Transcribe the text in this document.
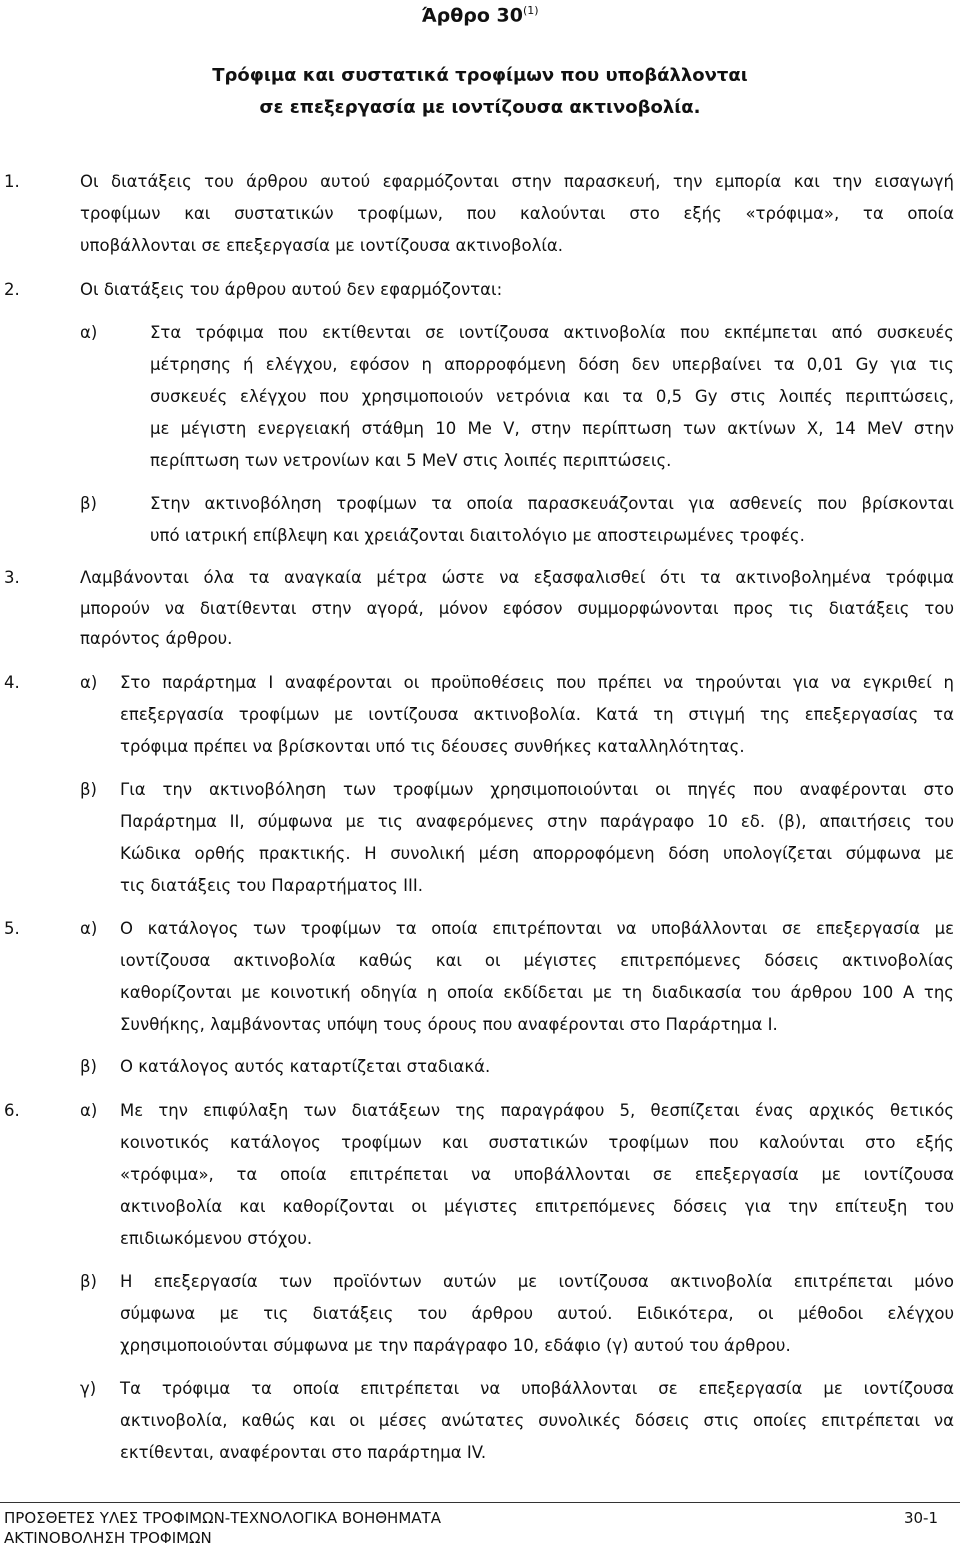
Άρθρο 30$^{(1)}$
Τρόφιμα και συστατικά τροφίμων που υποβάλλονται
σε επεξεργασία με ιοντίζουσα ακτινοβολία.
1.	Οι διατάξεις του άρθρου αυτού εφαρμόζονται στην παρασκευή, την εμπορία και την εισαγωγή
τροφίμων και συστατικών τροφίμων, που καλούνται στο εξής «τρόφιμα», τα οποία
υποβάλλονται σε επεξεργασία με ιοντίζουσα ακτινοβολία.
2.	Οι διατάξεις του άρθρου αυτού δεν εφαρμόζονται:
α)	Στα τρόφιμα που εκτίθενται σε ιοντίζουσα ακτινοβολία που εκπέμπεται από συσκευές
μέτρησης ή ελέγχου, εφόσον η απορροφόμενη δόση δεν υπερβαίνει τα 0,01 Gy για τις
συσκευές ελέγχου που χρησιμοποιούν νετρόνια και τα 0,5 Gy στις λοιπές περιπτώσεις,
με μέγιστη ενεργειακή στάθμη 10 Me V, στην περίπτωση των ακτίνων Χ, 14 MeV στην
περίπτωση των νετρονίων και 5 MeV στις λοιπές περιπτώσεις.
β)	Στην ακτινοβόληση τροφίμων τα οποία παρασκευάζονται για ασθενείς που βρίσκονται
υπό ιατρική επίβλεψη και χρειάζονται διαιτολόγιο με αποστειρωμένες τροφές.
3.	Λαμβάνονται όλα τα αναγκαία μέτρα ώστε να εξασφαλισθεί ότι τα ακτινοβολημένα τρόφιμα
μπορούν να διατίθενται στην αγορά, μόνον εφόσον συμμορφώνονται προς τις διατάξεις του
παρόντος άρθρου.
4.	α) Στο παράρτημα Ι αναφέρονται οι προϋποθέσεις που πρέπει να τηρούνται για να εγκριθεί η
επεξεργασία τροφίμων με ιοντίζουσα ακτινοβολία. Κατά τη στιγμή της επεξεργασίας τα
τρόφιμα πρέπει να βρίσκονται υπό τις δέουσες συνθήκες καταλληλότητας.
β) Για την ακτινοβόληση των τροφίμων χρησιμοποιούνται οι πηγές που αναφέρονται στο
Παράρτημα ΙΙ, σύμφωνα με τις αναφερόμενες στην παράγραφο 10 εδ. (β), απαιτήσεις του
Κώδικα ορθής πρακτικής. Η συνολική μέση απορροφόμενη δόση υπολογίζεται σύμφωνα με
τις διατάξεις του Παραρτήματος ΙΙΙ.
5.	α) Ο κατάλογος των τροφίμων τα οποία επιτρέπονται να υποβάλλονται σε επεξεργασία με
ιοντίζουσα ακτινοβολία καθώς και οι μέγιστες επιτρεπόμενες δόσεις ακτινοβολίας
καθορίζονται με κοινοτική οδηγία η οποία εκδίδεται με τη διαδικασία του άρθρου 100 Α της
Συνθήκης, λαμβάνοντας υπόψη τους όρους που αναφέρονται στο Παράρτημα Ι.
β) Ο κατάλογος αυτός καταρτίζεται σταδιακά.
6.	α) Με την επιφύλαξη των διατάξεων της παραγράφου 5, θεσπίζεται ένας αρχικός θετικός
κοινοτικός κατάλογος τροφίμων και συστατικών τροφίμων που καλούνται στο εξής
«τρόφιμα», τα οποία επιτρέπεται να υποβάλλονται σε επεξεργασία με ιοντίζουσα
ακτινοβολία και καθορίζονται οι μέγιστες επιτρεπόμενες δόσεις για την επίτευξη του
επιδιωκόμενου στόχου.
β) Η επεξεργασία των προϊόντων αυτών με ιοντίζουσα ακτινοβολία επιτρέπεται μόνο
σύμφωνα με τις διατάξεις του άρθρου αυτού. Ειδικότερα, οι μέθοδοι ελέγχου
χρησιμοποιούνται σύμφωνα με την παράγραφο 10, εδάφιο (γ) αυτού του άρθρου.
γ) Τα τρόφιμα τα οποία επιτρέπεται να υποβάλλονται σε επεξεργασία με ιοντίζουσα
ακτινοβολία, καθώς και οι μέσες ανώτατες συνολικές δόσεις στις οποίες επιτρέπεται να
εκτίθενται, αναφέρονται στο παράρτημα IV.
ΠΡΟΣΘΕΤΕΣ ΥΛΕΣ ΤΡΟΦΙΜΩΝ-ΤΕΧΝΟΛΟΓΙΚΑ ΒΟΗΘΗΜΑΤΑ
ΑΚΤΙΝΟΒΟΛΗΣΗ ΤΡΟΦΙΜΩΝ
30-1
